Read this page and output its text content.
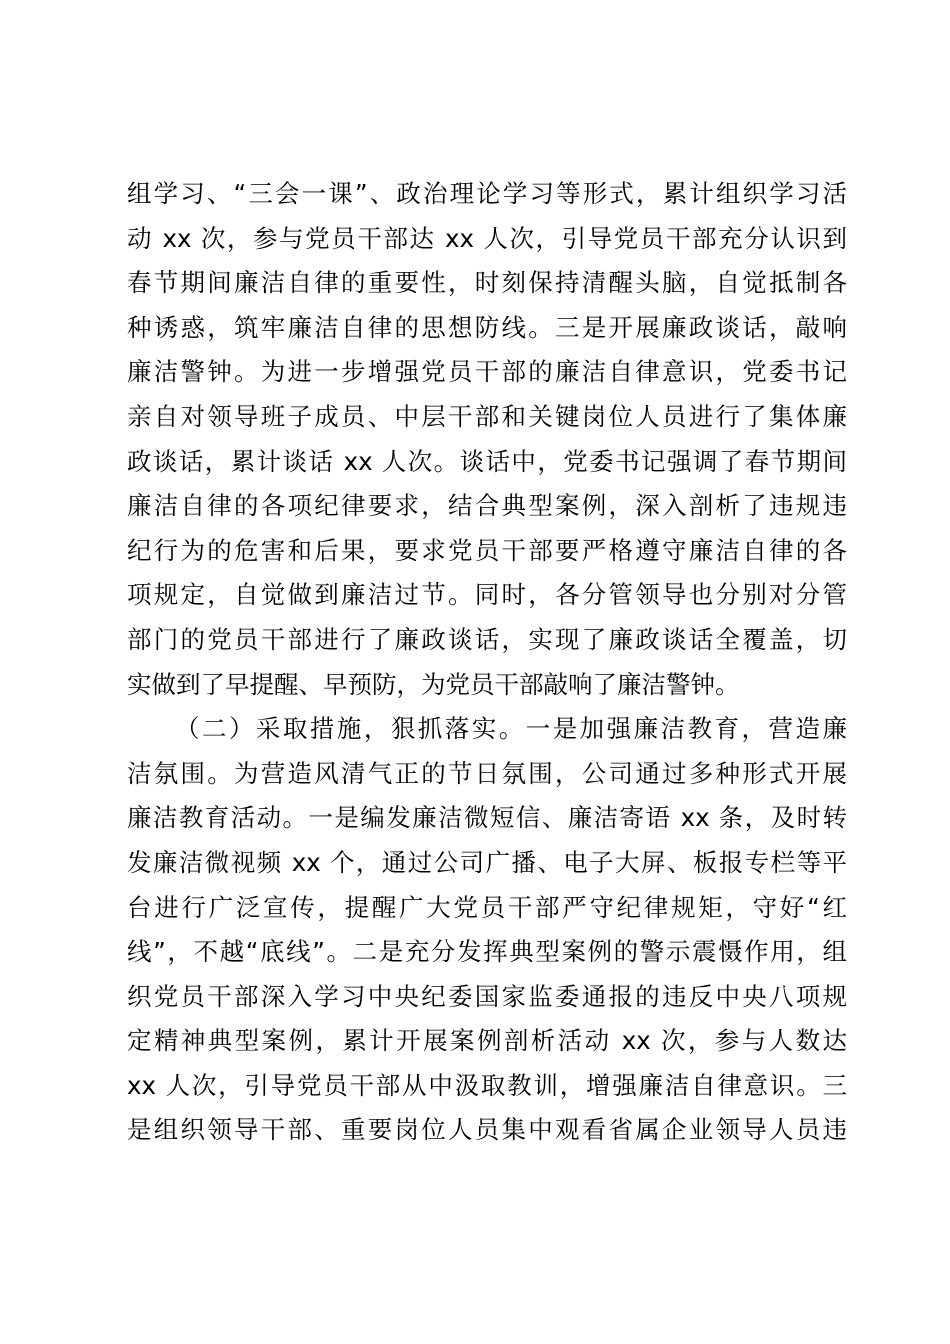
组学习、“三会一课”、政治理论学习等形式，累计组织学习活
动 xx 次，参与党员干部达 xx 人次，引导党员干部充分认识到
春节期间廉洁自律的重要性，时刻保持清醒头脑，自觉抵制各
种诱惑，筑牢廉洁自律的思想防线。三是开展廉政谈话，敲响
廉洁警钟。为进一步增强党员干部的廉洁自律意识，党委书记
亲自对领导班子成员、中层干部和关键岗位人员进行了集体廉
政谈话，累计谈话 xx 人次。谈话中，党委书记强调了春节期间
廉洁自律的各项纪律要求，结合典型案例，深入剖析了违规违
纪行为的危害和后果，要求党员干部要严格遵守廉洁自律的各
项规定，自觉做到廉洁过节。同时，各分管领导也分别对分管
部门的党员干部进行了廉政谈话，实现了廉政谈话全覆盖，切
实做到了早提醒、早预防，为党员干部敲响了廉洁警钟。
（二）采取措施，狠抓落实。一是加强廉洁教育，营造廉
洁氛围。为营造风清气正的节日氛围，公司通过多种形式开展
廉洁教育活动。一是编发廉洁微短信、廉洁寄语 xx 条，及时转
发廉洁微视频 xx 个，通过公司广播、电子大屏、板报专栏等平
台进行广泛宣传，提醒广大党员干部严守纪律规矩，守好“红
线”，不越“底线”。二是充分发挥典型案例的警示震慑作用，组
织党员干部深入学习中央纪委国家监委通报的违反中央八项规
定精神典型案例，累计开展案例剖析活动 xx 次，参与人数达
xx 人次，引导党员干部从中汲取教训，增强廉洁自律意识。三
是组织领导干部、重要岗位人员集中观看省属企业领导人员违
